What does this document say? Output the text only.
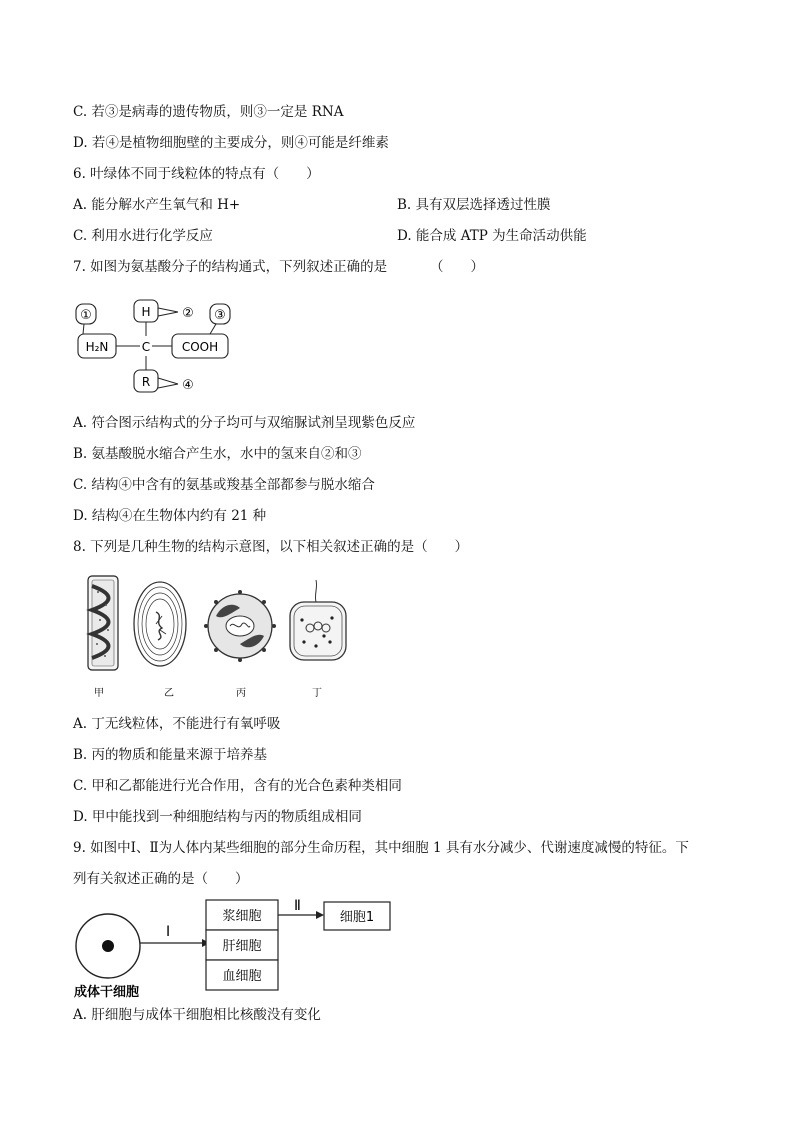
C. 若③是病毒的遗传物质，则③一定是 RNA
D. 若④是植物细胞壁的主要成分，则④可能是纤维素
6. 叶绿体不同于线粒体的特点有（　　）
A. 能分解水产生氧气和 H+	B. 具有双层选择透过性膜
C. 利用水进行化学反应	D. 能合成 ATP 为生命活动供能
7. 如图为氨基酸分子的结构通式，下列叙述正确的是	（　　）
①
H₂N	C
H ② ③
COOH
R ④
A. 符合图示结构式的分子均可与双缩脲试剂呈现紫色反应
B. 氨基酸脱水缩合产生水，水中的氢来自②和③
C. 结构④中含有的氨基或羧基全部都参与脱水缩合
D. 结构④在生物体内约有 21 种
8. 下列是几种生物的结构示意图，以下相关叙述正确的是（　　）
甲	乙	丙	丁
A. 丁无线粒体，不能进行有氧呼吸
B. 丙的物质和能量来源于培养基
C. 甲和乙都能进行光合作用，含有的光合色素种类相同
D. 甲中能找到一种细胞结构与丙的物质组成相同
9. 如图中Ⅰ、Ⅱ为人体内某些细胞的部分生命历程，其中细胞 1 具有水分减少、代谢速度减慢的特征。下
列有关叙述正确的是（　　）
成体干细胞
Ⅰ
浆细胞
肝细胞
血细胞
Ⅱ
细胞1
A. 肝细胞与成体干细胞相比核酸没有变化
